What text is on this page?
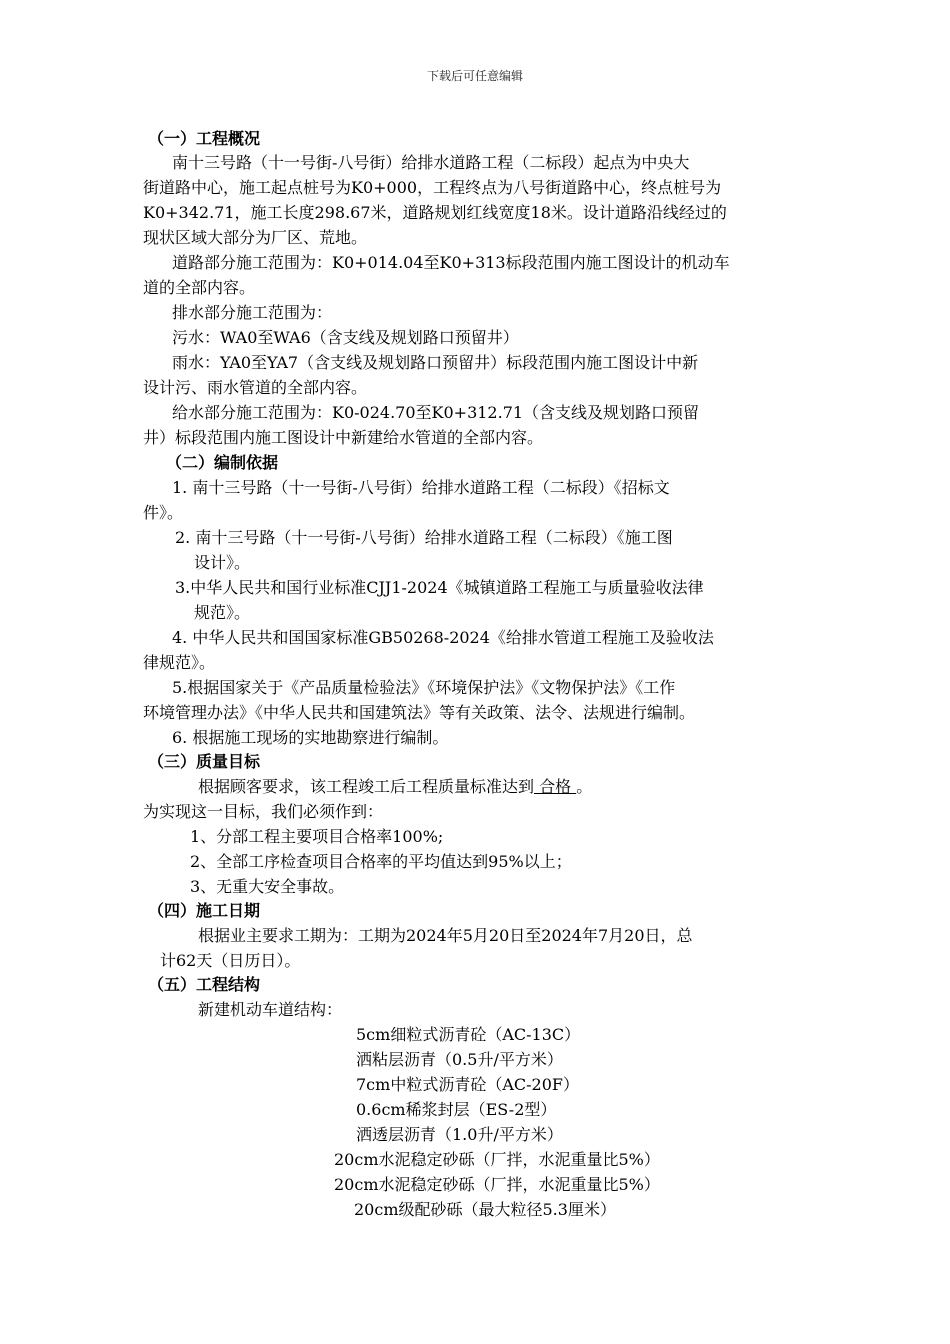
下载后可任意编辑
（一）工程概况
南十三号路（十一号街-八号街）给排水道路工程（二标段）起点为中央大
街道路中心，施工起点桩号为K0+000，工程终点为八号街道路中心，终点桩号为
K0+342.71，施工长度298.67米，道路规划红线宽度18米。设计道路沿线经过的
现状区域大部分为厂区、荒地。
道路部分施工范围为：K0+014.04至K0+313标段范围内施工图设计的机动车
道的全部内容。
排水部分施工范围为：
污水：WA0至WA6（含支线及规划路口预留井）
雨水：YA0至YA7（含支线及规划路口预留井）标段范围内施工图设计中新
设计污、雨水管道的全部内容。
给水部分施工范围为：K0-024.70至K0+312.71（含支线及规划路口预留
井）标段范围内施工图设计中新建给水管道的全部内容。
（二）编制依据
1. 南十三号路（十一号街-八号街）给排水道路工程（二标段）《招标文
件》。
2. 南十三号路（十一号街-八号街）给排水道路工程（二标段）《施工图
设计》。
3.中华人民共和国行业标准CJJ1-2024《城镇道路工程施工与质量验收法律
规范》。
4. 中华人民共和国国家标准GB50268-2024《给排水管道工程施工及验收法
律规范》。
5.根据国家关于《产品质量检验法》《环境保护法》《文物保护法》《工作
环境管理办法》《中华人民共和国建筑法》等有关政策、法令、法规进行编制。
6. 根据施工现场的实地勘察进行编制。
（三）质量目标
根据顾客要求，该工程竣工后工程质量标准达到 合格 。
为实现这一目标，我们必须作到：
1、分部工程主要项目合格率100%;
2、全部工序检查项目合格率的平均值达到95%以上；
3、无重大安全事故。
（四）施工日期
根据业主要求工期为：工期为2024年5月20日至2024年7月20日，总
计62天（日历日）。
（五）工程结构
新建机动车道结构：
5cm细粒式沥青砼（AC-13C）
洒粘层沥青（0.5升/平方米）
7cm中粒式沥青砼（AC-20F）
0.6cm稀浆封层（ES-2型）
洒透层沥青（1.0升/平方米）
20cm水泥稳定砂砾（厂拌，水泥重量比5%）
20cm水泥稳定砂砾（厂拌，水泥重量比5%）
20cm级配砂砾（最大粒径5.3厘米）
